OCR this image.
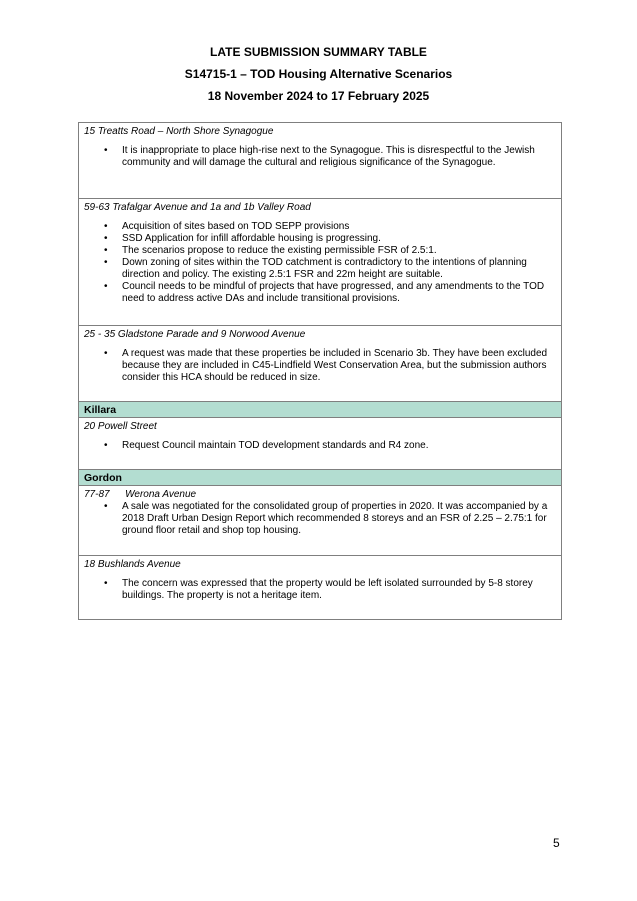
LATE SUBMISSION SUMMARY TABLE
S14715-1 – TOD Housing Alternative Scenarios
18 November 2024 to 17 February 2025
15 Treatts Road – North Shore Synagogue
• It is inappropriate to place high-rise next to the Synagogue. This is disrespectful to the Jewish community and will damage the cultural and religious significance of the Synagogue.
59-63 Trafalgar Avenue and 1a and 1b Valley Road
• Acquisition of sites based on TOD SEPP provisions
• SSD Application for infill affordable housing is progressing.
• The scenarios propose to reduce the existing permissible FSR of 2.5:1.
• Down zoning of sites within the TOD catchment is contradictory to the intentions of planning direction and policy. The existing 2.5:1 FSR and 22m height are suitable.
• Council needs to be mindful of projects that have progressed, and any amendments to the TOD need to address active DAs and include transitional provisions.
25 - 35 Gladstone Parade and 9 Norwood Avenue
• A request was made that these properties be included in Scenario 3b. They have been excluded because they are included in C45-Lindfield West Conservation Area, but the submission authors consider this HCA should be reduced in size.
Killara
20 Powell Street
• Request Council maintain TOD development standards and R4 zone.
Gordon
77-87 Werona Avenue
• A sale was negotiated for the consolidated group of properties in 2020. It was accompanied by a 2018 Draft Urban Design Report which recommended 8 storeys and an FSR of 2.25 – 2.75:1 for ground floor retail and shop top housing.
18 Bushlands Avenue
• The concern was expressed that the property would be left isolated surrounded by 5-8 storey buildings. The property is not a heritage item.
5
